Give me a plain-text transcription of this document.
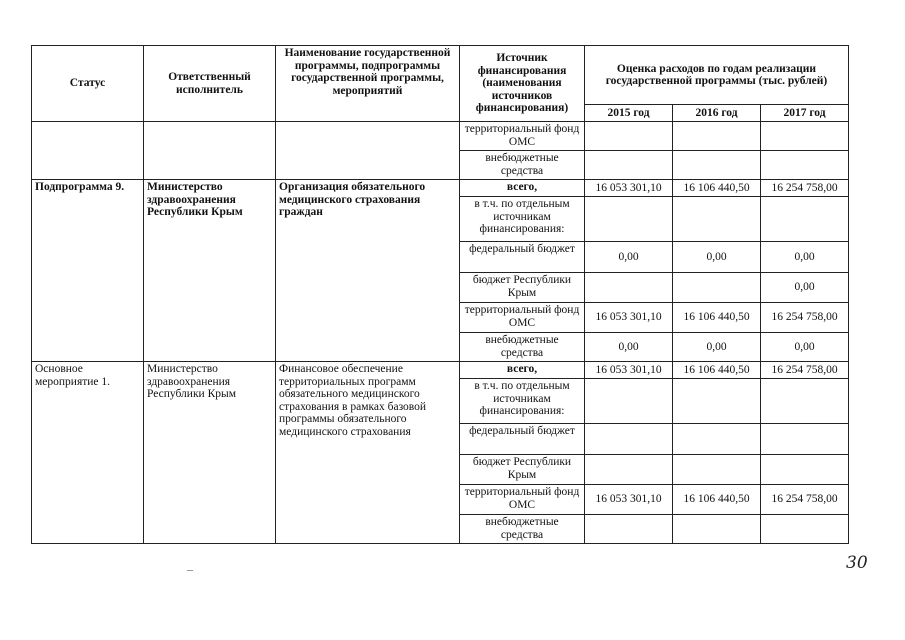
Статус	Ответственный исполнитель	Наименование государственной программы, подпрограммы государственной программы, мероприятий	Источник финансирования (наименования источников финансирования)	Оценка расходов по годам реализации государственной программы (тыс. рублей)		
				2015 год	2016 год	2017 год
			территориальный фонд ОМС			
			внебюджетные средства			
Подпрограмма 9.	Министерство здравоохранения Республики Крым	Организация обязательного медицинского страхования граждан	всего,	16 053 301,10	16 106 440,50	16 254 758,00
			в т.ч. по отдельным источникам финансирования:			
			федеральный бюджет	0,00	0,00	0,00
			бюджет Республики Крым			0,00
			территориальный фонд ОМС	16 053 301,10	16 106 440,50	16 254 758,00
			внебюджетные средства	0,00	0,00	0,00
Основное мероприятие 1.	Министерство здравоохранения Республики Крым	Финансовое обеспечение территориальных программ обязательного медицинского страхования в рамках базовой программы обязательного медицинского страхования	всего,	16 053 301,10	16 106 440,50	16 254 758,00
			в т.ч. по отдельным источникам финансирования:			
			федеральный бюджет			
			бюджет Республики Крым			
			территориальный фонд ОМС	16 053 301,10	16 106 440,50	16 254 758,00
			внебюджетные средства			
30
